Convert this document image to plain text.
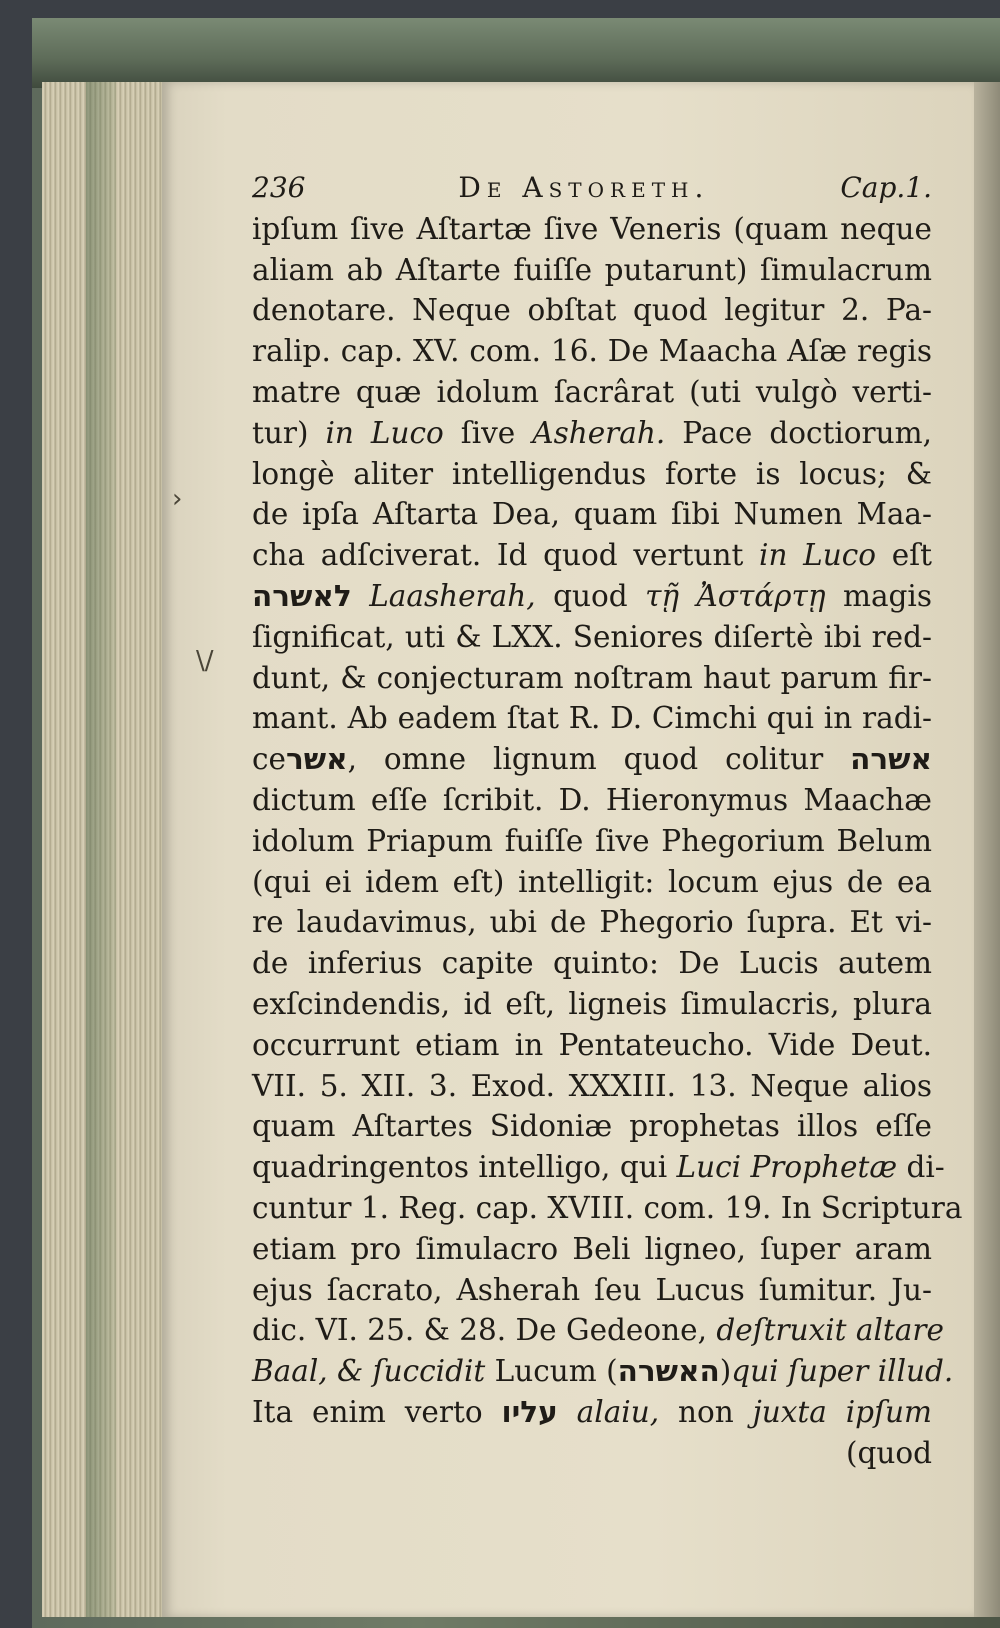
›
\/
236	De Astoreth.	Cap.1.
ipſum ſive Aſtartæ ſive Veneris (quam neque
aliam ab Aſtarte fuiſſe putarunt) ſimulacrum
denotare. Neque obſtat quod legitur 2. Pa-
ralip. cap. XV. com. 16. De Maacha Aſæ regis
matre quæ idolum ſacrârat (uti vulgò verti-
tur) in Luco ſive Asherah. Pace doctiorum,
longè aliter intelligendus forte is locus; &
de ipſa Aſtarta Dea, quam ſibi Numen Maa-
cha adſciverat. Id quod vertunt in Luco eſt
לאשרה Laasherah, quod τῇ Ἀστάρτῃ magis
ſignificat, uti & LXX. Seniores diſertè ibi red-
dunt, & conjecturam noſtram haut parum fir-
mant. Ab eadem ſtat R. D. Cimchi qui in radi-
ceאשר, omne lignum quod colitur אשרה
dictum eſſe ſcribit. D. Hieronymus Maachæ
idolum Priapum fuiſſe ſive Phegorium Belum
(qui ei idem eſt) intelligit: locum ejus de ea
re laudavimus, ubi de Phegorio ſupra. Et vi-
de inferius capite quinto: De Lucis autem
exſcindendis, id eſt, ligneis ſimulacris, plura
occurrunt etiam in Pentateucho. Vide Deut.
VII. 5. XII. 3. Exod. XXXIII. 13. Neque alios
quam Aſtartes Sidoniæ prophetas illos eſſe
quadringentos intelligo, qui Luci Prophetæ di-
cuntur 1. Reg. cap. XVIII. com. 19. In Scriptura
etiam pro ſimulacro Beli ligneo, ſuper aram
ejus ſacrato, Asherah ſeu Lucus ſumitur. Ju-
dic. VI. 25. & 28. De Gedeone, deſtruxit altare
Baal, & ſuccidit Lucum (האשרה)qui ſuper illud.
Ita enim verto עליו alaiu, non juxta ipſum
(quod
